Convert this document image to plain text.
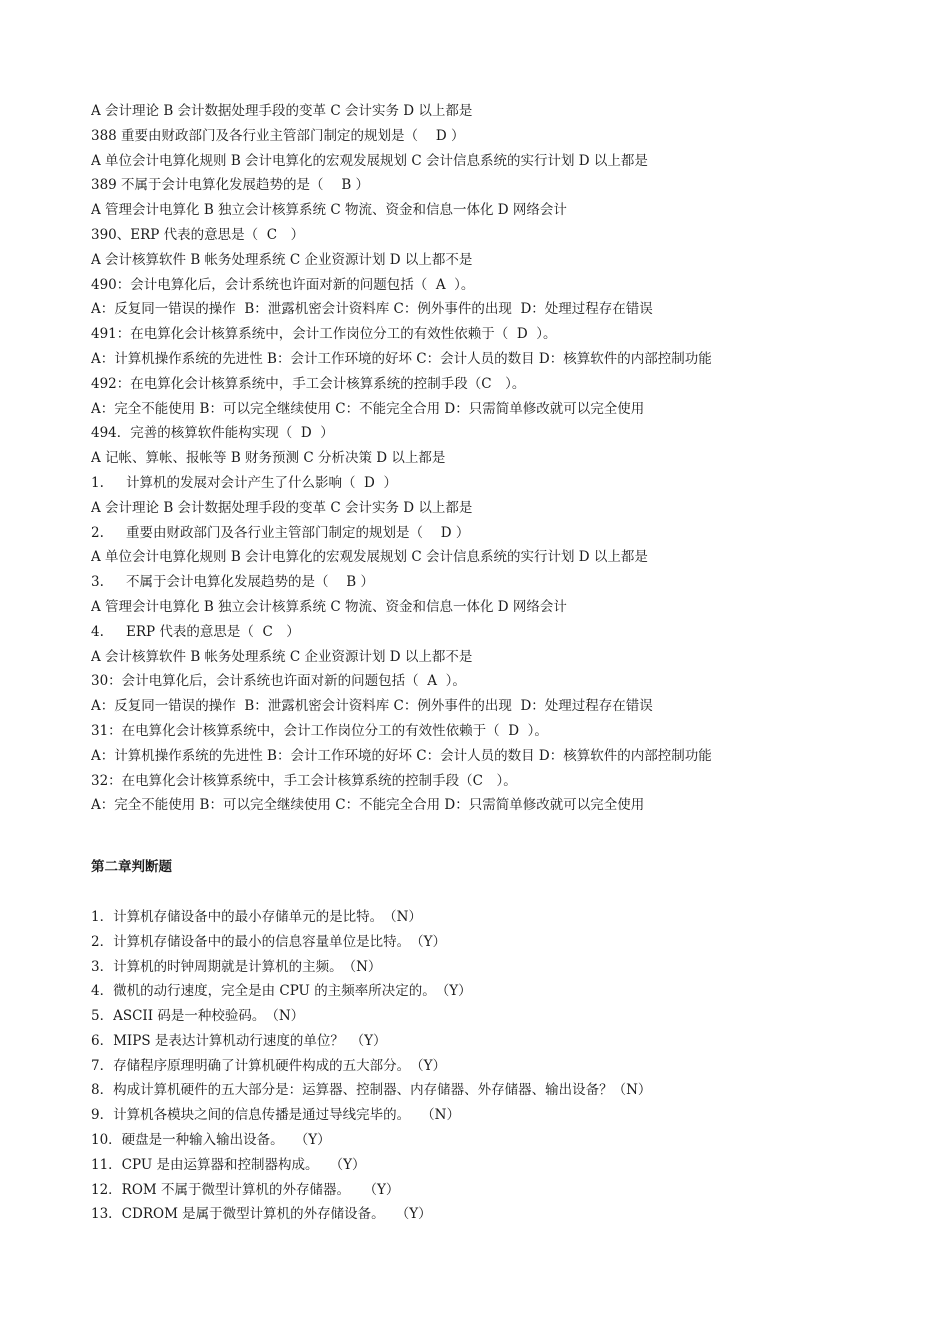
A 会计理论 B 会计数据处理手段的变革 C 会计实务 D 以上都是
388 重要由财政部门及各行业主管部门制定的规划是（　 D ）
A 单位会计电算化规则 B 会计电算化的宏观发展规划 C 会计信息系统的实行计划 D 以上都是
389 不属于会计电算化发展趋势的是（　 B ）
A 管理会计电算化 B 独立会计核算系统 C 物流、资金和信息一体化 D 网络会计
390、ERP 代表的意思是（  C　）
A 会计核算软件 B 帐务处理系统 C 企业资源计划 D 以上都不是
490：会计电算化后，会计系统也许面对新的问题包括（  A  ）。
A：反复同一错误的操作  B：泄露机密会计资料库 C：例外事件的出现  D：处理过程存在错误
491：在电算化会计核算系统中，会计工作岗位分工的有效性依赖于（  D  ）。
A：计算机操作系统的先进性 B：会计工作环境的好坏 C：会计人员的数目 D：核算软件的内部控制功能
492：在电算化会计核算系统中，手工会计核算系统的控制手段（C　）。
A：完全不能使用 B：可以完全继续使用 C：不能完全合用 D：只需简单修改就可以完全使用
494．完善的核算软件能构实现（  D  ）
A 记帐、算帐、报帐等 B 财务预测 C 分析决策 D 以上都是
1.　  计算机的发展对会计产生了什么影响（  D  ）
A 会计理论 B 会计数据处理手段的变革 C 会计实务 D 以上都是
2.　  重要由财政部门及各行业主管部门制定的规划是（　 D ）
A 单位会计电算化规则 B 会计电算化的宏观发展规划 C 会计信息系统的实行计划 D 以上都是
3.　  不属于会计电算化发展趋势的是（　 B ）
A 管理会计电算化 B 独立会计核算系统 C 物流、资金和信息一体化 D 网络会计
4.　  ERP 代表的意思是（  C　）
A 会计核算软件 B 帐务处理系统 C 企业资源计划 D 以上都不是
30：会计电算化后，会计系统也许面对新的问题包括（  A  ）。
A：反复同一错误的操作  B：泄露机密会计资料库 C：例外事件的出现  D：处理过程存在错误
31：在电算化会计核算系统中，会计工作岗位分工的有效性依赖于（  D  ）。
A：计算机操作系统的先进性 B：会计工作环境的好坏 C：会计人员的数目 D：核算软件的内部控制功能
32：在电算化会计核算系统中，手工会计核算系统的控制手段（C　）。
A：完全不能使用 B：可以完全继续使用 C：不能完全合用 D：只需简单修改就可以完全使用
第二章判断题
1．计算机存储设备中的最小存储单元的是比特。　（N）
2．计算机存储设备中的最小的信息容量单位是比特。　（Y）
3．计算机的时钟周期就是计算机的主频。　（N）
4．微机的动行速度，完全是由 CPU 的主频率所决定的。　（Y）
5．ASCII 码是一种校验码。　（N）
6．MIPS 是表达计算机动行速度的单位？　（Y）
7．存储程序原理明确了计算机硬件构成的五大部分。　（Y）
8．构成计算机硬件的五大部分是：运算器、控制器、内存储器、外存储器、输出设备？（N）
9．计算机各模块之间的信息传播是通过导线完毕的。　 （N）
10．硬盘是一种输入输出设备。　 （Y）
11．CPU 是由运算器和控制器构成。　 （Y）
12．ROM 不属于微型计算机的外存储器。　　（Y）
13．CDROM 是属于微型计算机的外存储设备。　 （Y）
